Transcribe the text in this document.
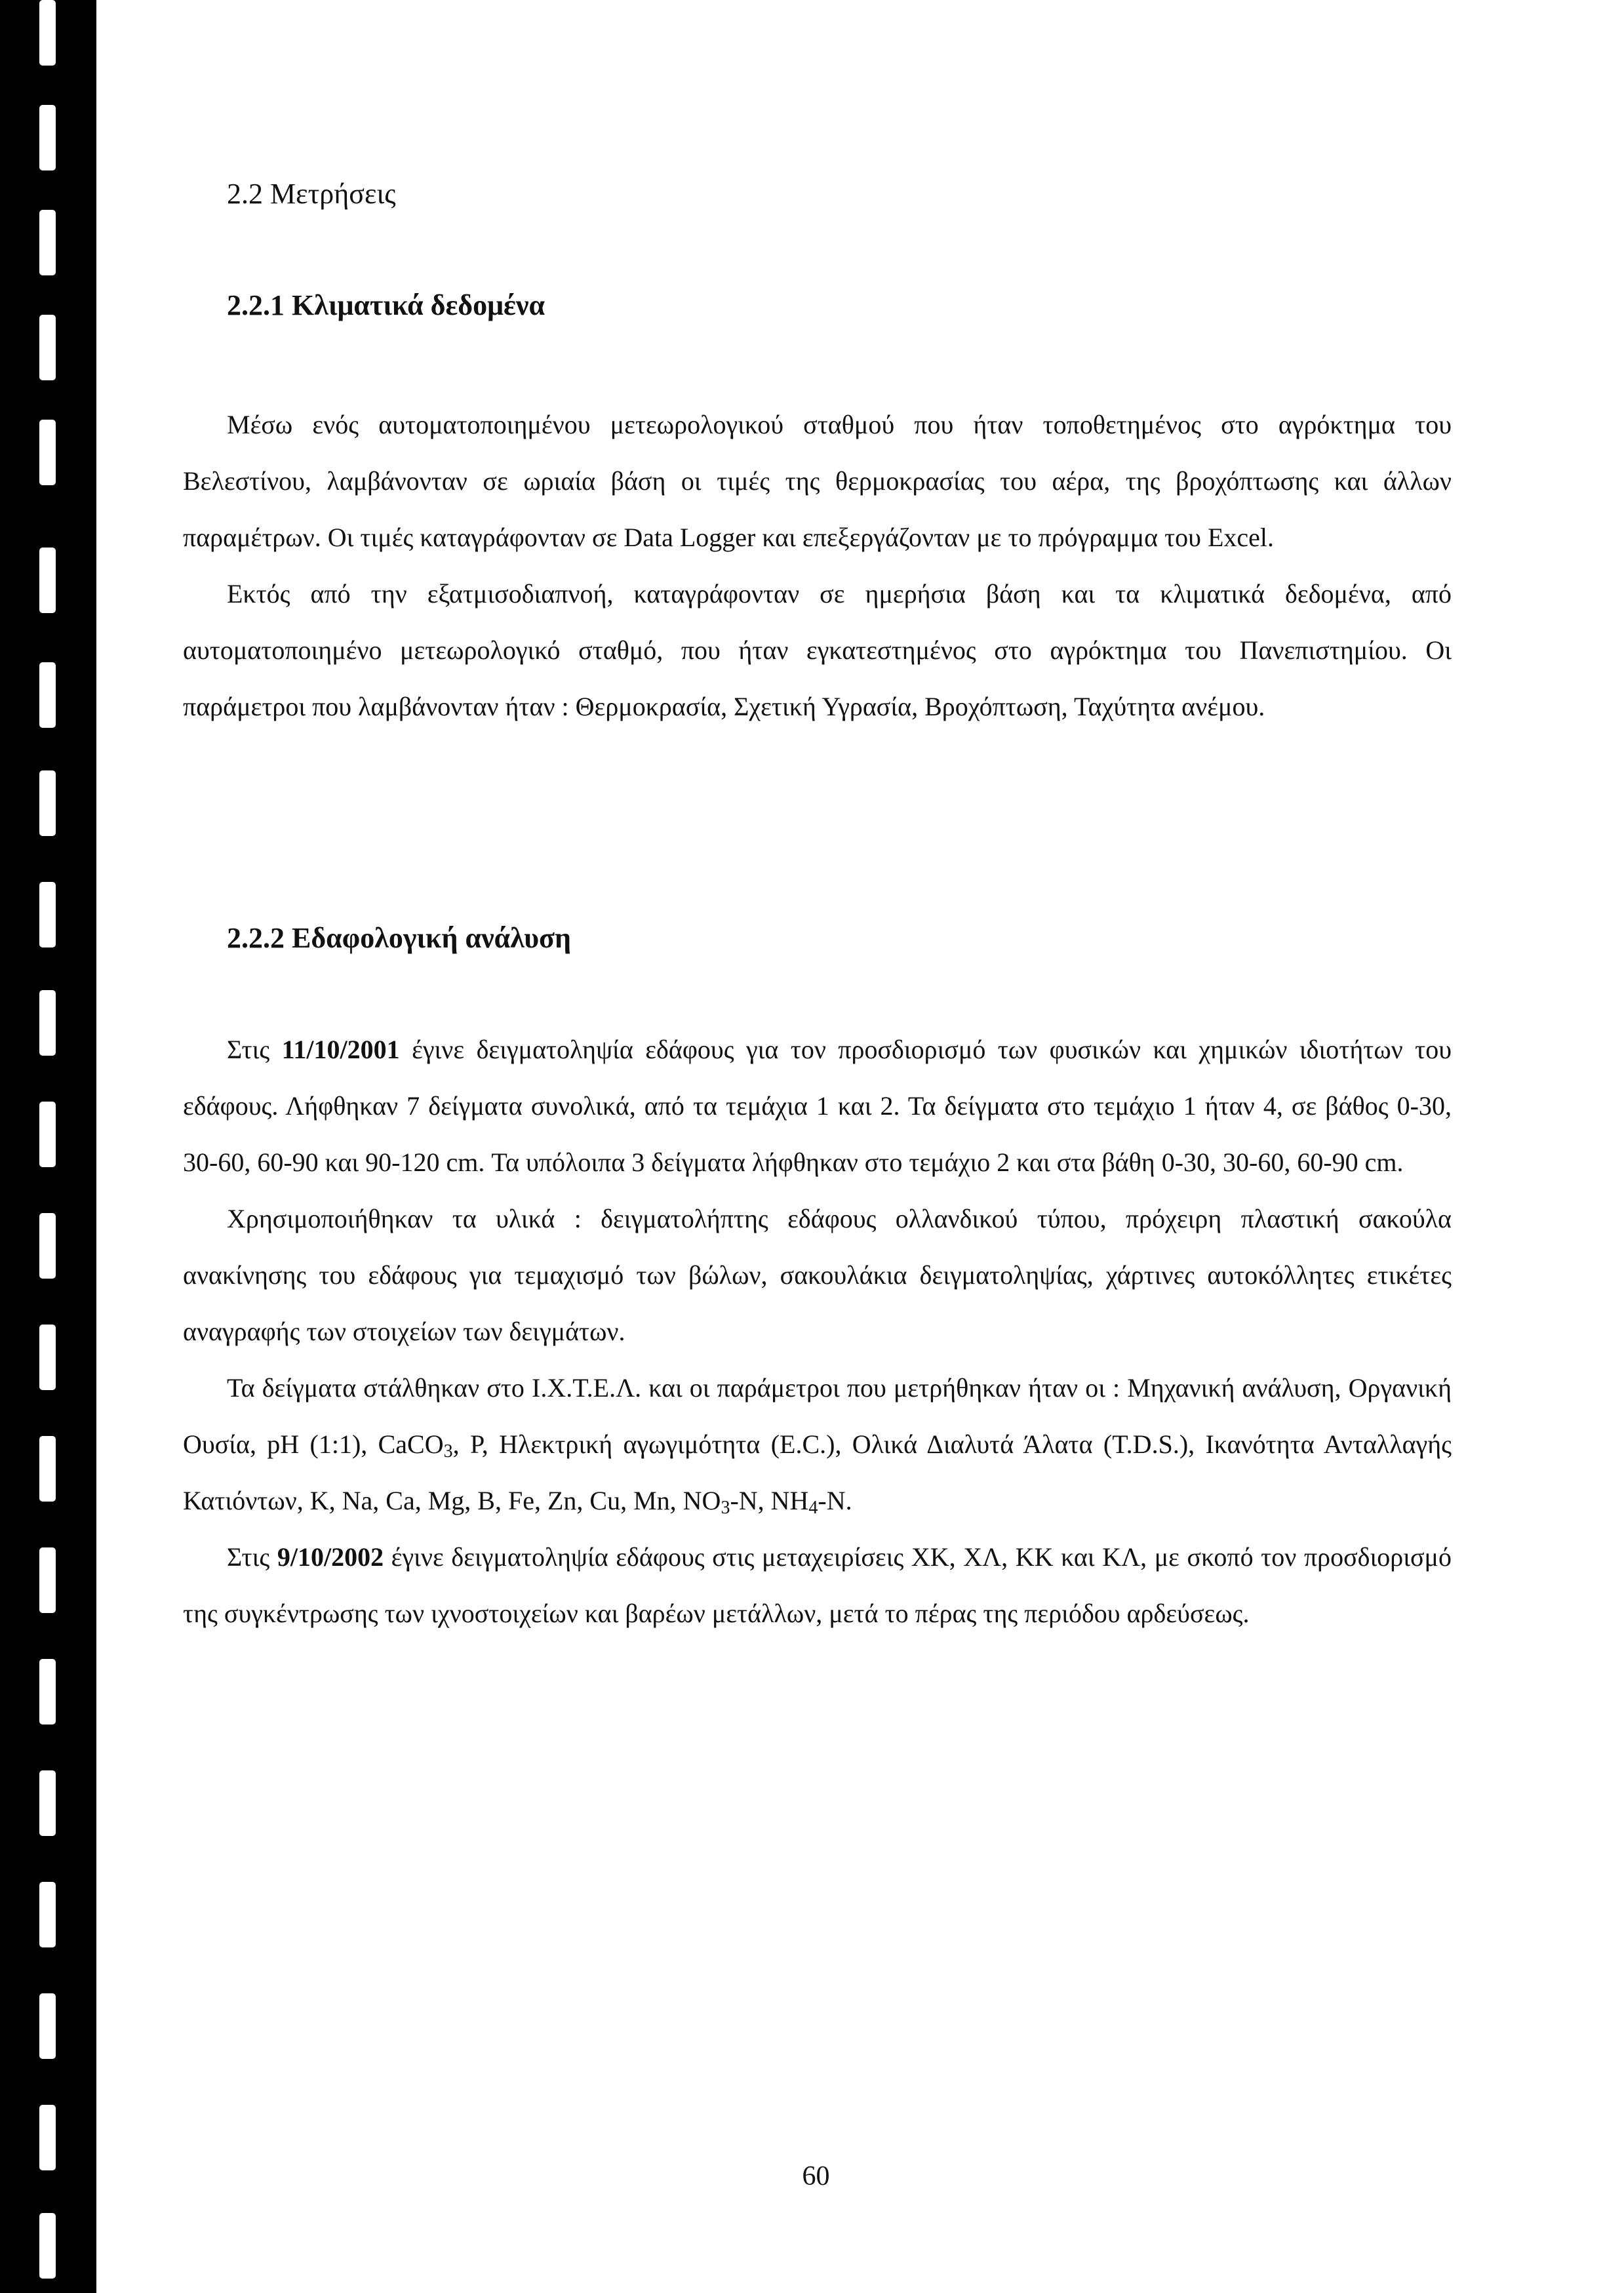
2.2 Μετρήσεις
2.2.1 Κλιματικά δεδομένα

Μέσω ενός αυτοματοποιημένου μετεωρολογικού σταθμού που ήταν τοποθετημένος στο αγρόκτημα του Βελεστίνου, λαμβάνονταν σε ωριαία βάση οι τιμές της θερμοκρασίας του αέρα, της βροχόπτωσης και άλλων παραμέτρων. Οι τιμές καταγράφονταν σε Data Logger και επεξεργάζονταν με το πρόγραμμα του Excel.

Εκτός από την εξατμισοδιαπνοή, καταγράφονταν σε ημερήσια βάση και τα κλιματικά δεδομένα, από αυτοματοποιημένο μετεωρολογικό σταθμό, που ήταν εγκατεστημένος στο αγρόκτημα του Πανεπιστημίου. Οι παράμετροι που λαμβάνονταν ήταν : Θερμοκρασία, Σχετική Υγρασία, Βροχόπτωση, Ταχύτητα ανέμου.

2.2.2 Εδαφολογική ανάλυση

Στις 11/10/2001 έγινε δειγματοληψία εδάφους για τον προσδιορισμό των φυσικών και χημικών ιδιοτήτων του εδάφους. Λήφθηκαν 7 δείγματα συνολικά, από τα τεμάχια 1 και 2. Τα δείγματα στο τεμάχιο 1 ήταν 4, σε βάθος 0-30, 30-60, 60-90 και 90-120 cm. Τα υπόλοιπα 3 δείγματα λήφθηκαν στο τεμάχιο 2 και στα βάθη 0-30, 30-60, 60-90 cm.

Χρησιμοποιήθηκαν τα υλικά : δειγματολήπτης εδάφους ολλανδικού τύπου, πρόχειρη πλαστική σακούλα ανακίνησης του εδάφους για τεμαχισμό των βώλων, σακουλάκια δειγματοληψίας, χάρτινες αυτοκόλλητες ετικέτες αναγραφής των στοιχείων των δειγμάτων.

Τα δείγματα στάλθηκαν στο Ι.Χ.Τ.Ε.Λ. και οι παράμετροι που μετρήθηκαν ήταν οι : Μηχανική ανάλυση, Οργανική Ουσία, pH (1:1), CaCO$_3$, P, Ηλεκτρική αγωγιμότητα (E.C.), Ολικά Διαλυτά Άλατα (T.D.S.), Ικανότητα Ανταλλαγής Κατιόντων, K, Na, Ca, Mg, B, Fe, Zn, Cu, Mn, $NO_3-N$, $NH_4-N$.

Στις 9/10/2002 έγινε δειγματοληψία εδάφους στις μεταχειρίσεις ΧΚ, ΧΛ, ΚΚ και ΚΛ, με σκοπό τον προσδιορισμό της συγκέντρωσης των ιχνοστοιχείων και βαρέων μετάλλων, μετά το πέρας της περιόδου αρδεύσεως.

60
